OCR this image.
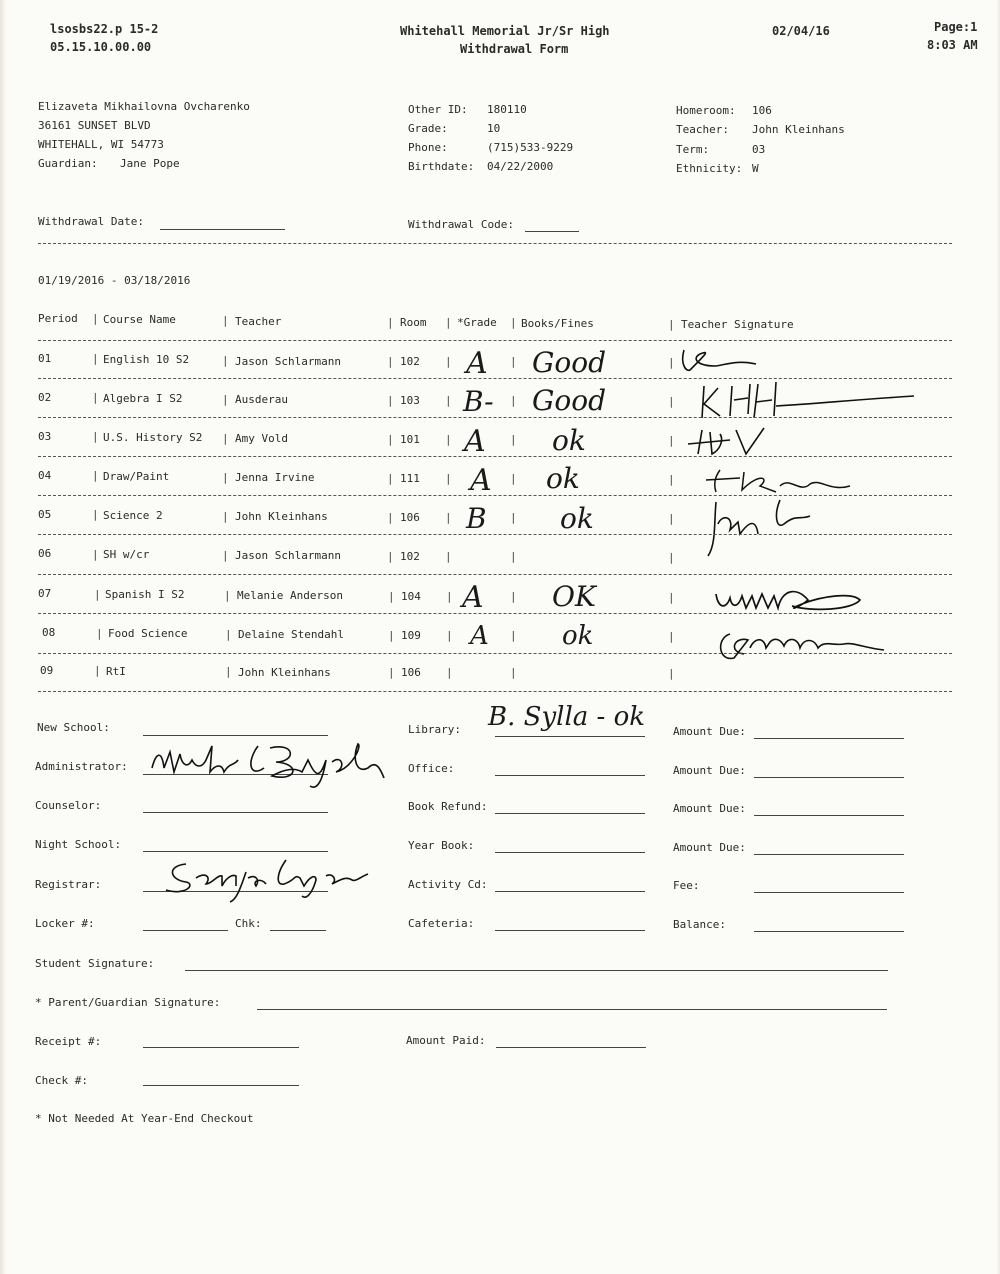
lsosbs22.p 15-2
05.15.10.00.00
Whitehall Memorial Jr/Sr High
Withdrawal Form
02/04/16	Page:1
8:03 AM
Elizaveta Mikhailovna Ovcharenko
36161 SUNSET BLVD
WHITEHALL, WI 54773
Guardian: Jane Pope
Other ID: 180110
Grade:	10
Phone:	(715)533-9229
Birthdate: 04/22/2000
Homeroom: 106
Teacher: John Kleinhans
Term:	03
Ethnicity: W
Withdrawal Date:	Withdrawal Code:
01/19/2016 - 03/18/2016
Period | Course Name	| Teacher	| Room | *Grade | Books/Fines	| Teacher Signature
01	| English 10 S2	| Jason Schlarmann	| 102 | A | Good	|
02	| Algebra I S2	| Ausderau	| 103 | B- | Good	|
03	| U.S. History S2 | Amy Vold	| 101 | A | ok	|
04	| Draw/Paint	| Jenna Irvine	| 111 | A | ok	|
05	| Science 2	| John Kleinhans	| 106 | B | ok	|
06	| SH w/cr	| Jason Schlarmann	| 102 |	|	|
07	| Spanish I S2	| Melanie Anderson	| 104 | A | OK	|
08	| Food Science	| Delaine Stendahl	| 109 | A | ok	|
09	| RtI	| John Kleinhans	| 106 |	|	|
New School:
Administrator:
Counselor:
Night School:
Registrar:
Locker #:	Chk:
Library: B. Sylla - ok
Office:
Book Refund:
Year Book:
Activity Cd:
Cafeteria:
Amount Due:
Amount Due:
Amount Due:
Amount Due:
Fee:
Balance:
Student Signature:
* Parent/Guardian Signature:
Receipt #:	Amount Paid:
Check #:
* Not Needed At Year-End Checkout
